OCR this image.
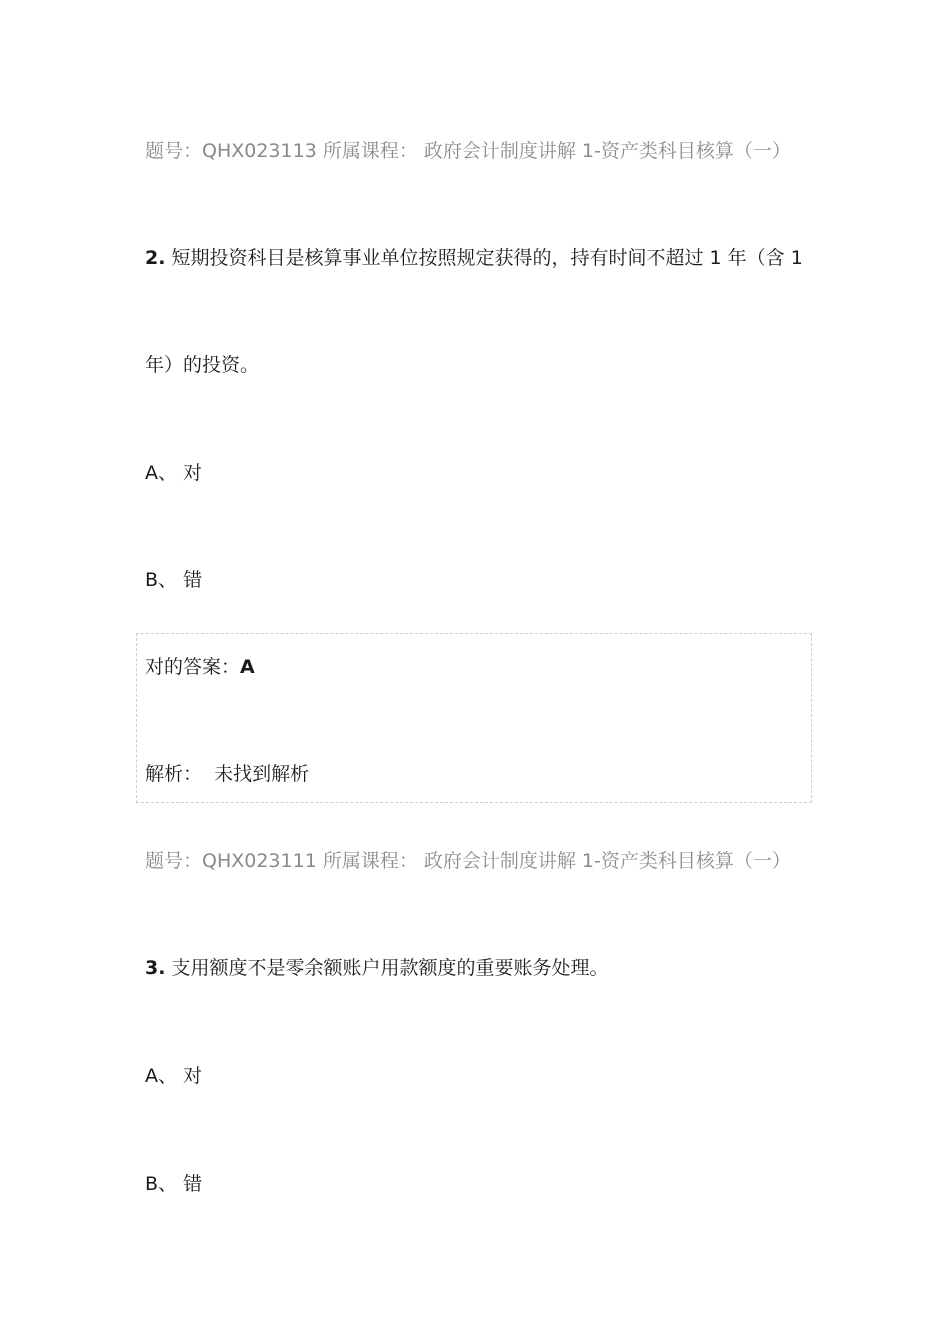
题号：QHX023113 所属课程： 政府会计制度讲解 1-资产类科目核算（一）
2. 短期投资科目是核算事业单位按照规定获得的，持有时间不超过 1 年（含 1
年）的投资。
A、 对
B、 错
对的答案：A
解析： 未找到解析
题号：QHX023111 所属课程： 政府会计制度讲解 1-资产类科目核算（一）
3. 支用额度不是零余额账户用款额度的重要账务处理。
A、 对
B、 错
